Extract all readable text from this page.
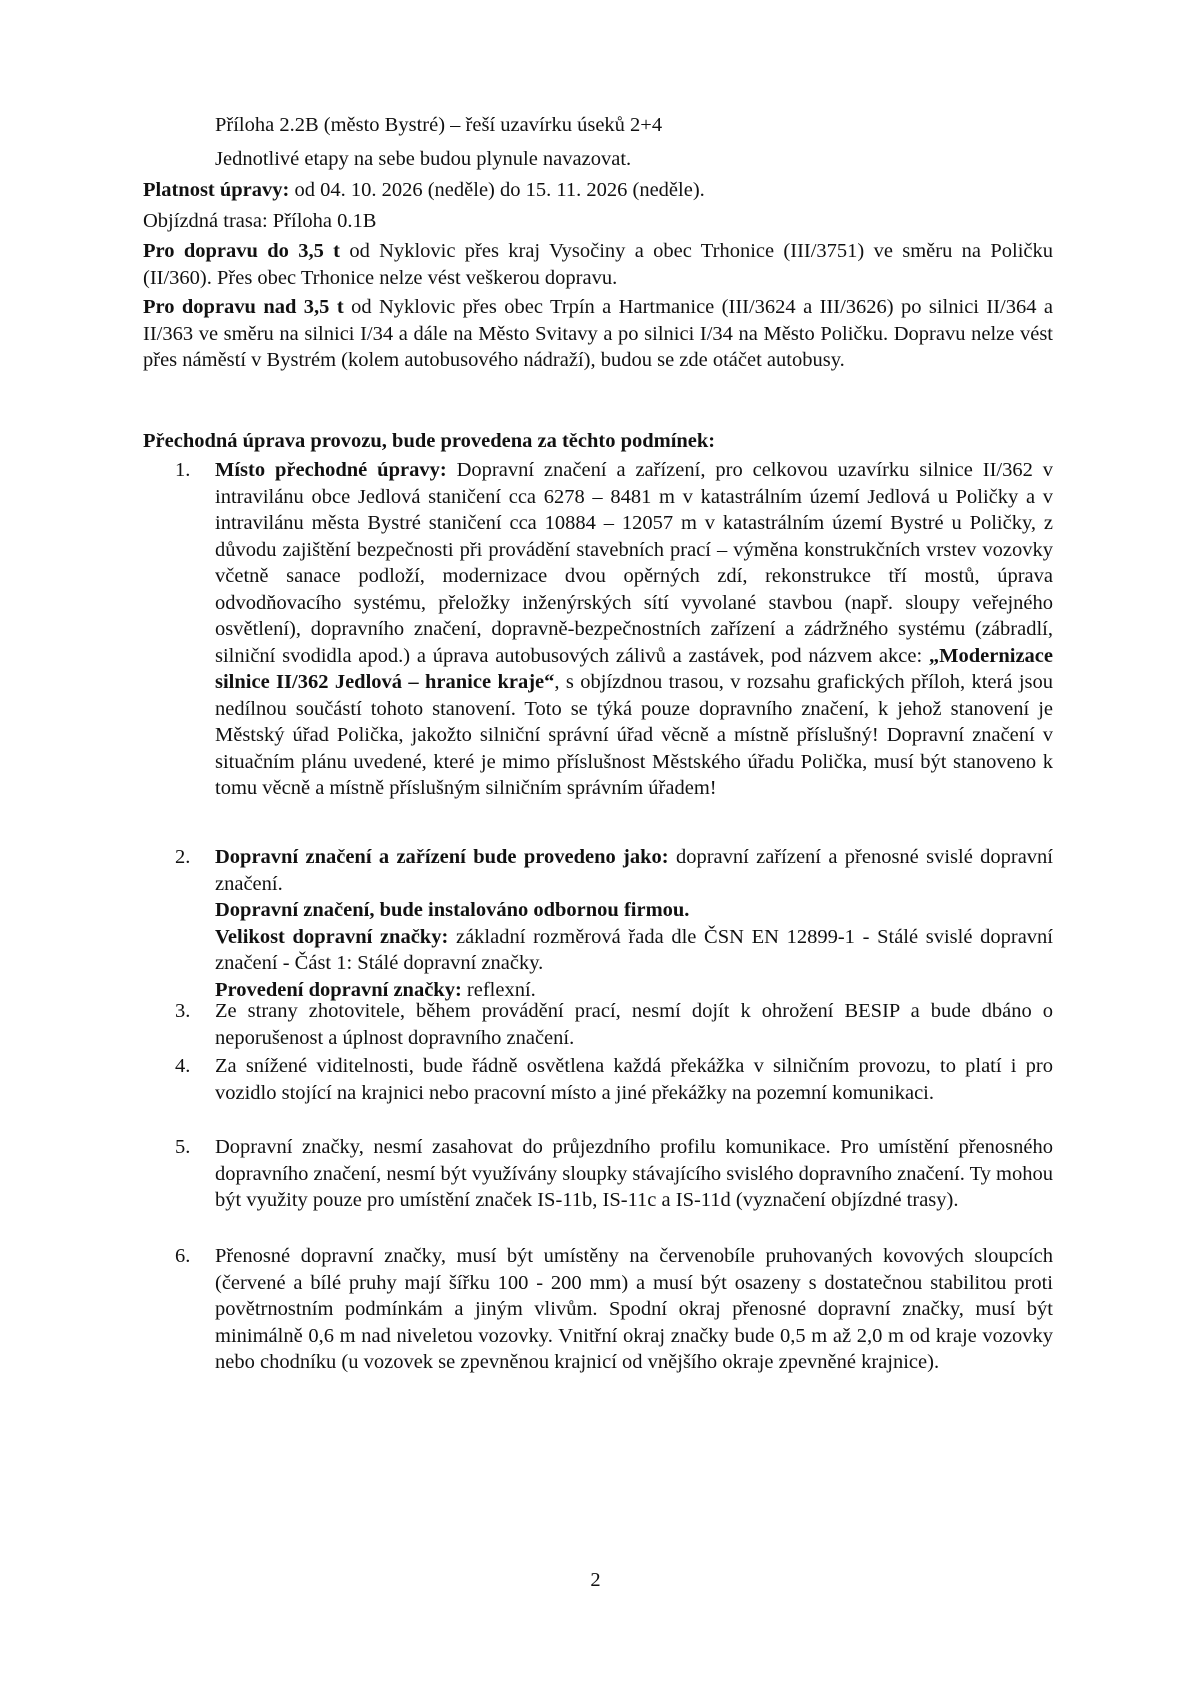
Příloha 2.2B (město Bystré) – řeší uzavírku úseků 2+4

Jednotlivé etapy na sebe budou plynule navazovat.

Platnost úpravy: od 04. 10. 2026 (neděle) do 15. 11. 2026 (neděle).

Objízdná trasa: Příloha 0.1B

Pro dopravu do 3,5 t od Nyklovic přes kraj Vysočiny a obec Trhonice (III/3751) ve směru na Poličku (II/360). Přes obec Trhonice nelze vést veškerou dopravu.

Pro dopravu nad 3,5 t od Nyklovic přes obec Trpín a Hartmanice (III/3624 a III/3626) po silnici II/364 a II/363 ve směru na silnici I/34 a dále na Město Svitavy a po silnici I/34 na Město Poličku. Dopravu nelze vést přes náměstí v Bystrém (kolem autobusového nádraží), budou se zde otáčet autobusy.

Přechodná úprava provozu, bude provedena za těchto podmínek:

1. Místo přechodné úpravy: Dopravní značení a zařízení, pro celkovou uzavírku silnice II/362 v intravilánu obce Jedlová staničení cca 6278 – 8481 m v katastrálním území Jedlová u Poličky a v intravilánu města Bystré staničení cca 10884 – 12057 m v katastrálním území Bystré u Poličky, z důvodu zajištění bezpečnosti při provádění stavebních prací – výměna konstrukčních vrstev vozovky včetně sanace podloží, modernizace dvou opěrných zdí, rekonstrukce tří mostů, úprava odvodňovacího systému, přeložky inženýrských sítí vyvolané stavbou (např. sloupy veřejného osvětlení), dopravního značení, dopravně-bezpečnostních zařízení a zádržného systému (zábradlí, silniční svodidla apod.) a úprava autobusových zálivů a zastávek, pod názvem akce: „Modernizace silnice II/362 Jedlová – hranice kraje“, s objízdnou trasou, v rozsahu grafických příloh, která jsou nedílnou součástí tohoto stanovení. Toto se týká pouze dopravního značení, k jehož stanovení je Městský úřad Polička, jakožto silniční správní úřad věcně a místně příslušný! Dopravní značení v situačním plánu uvedené, které je mimo příslušnost Městského úřadu Polička, musí být stanoveno k tomu věcně a místně příslušným silničním správním úřadem!
2. Dopravní značení a zařízení bude provedeno jako: dopravní zařízení a přenosné svislé dopravní značení.
Dopravní značení, bude instalováno odbornou firmou.
Velikost dopravní značky: základní rozměrová řada dle ČSN EN 12899-1 - Stálé svislé dopravní značení - Část 1: Stálé dopravní značky.
Provedení dopravní značky: reflexní.
3. Ze strany zhotovitele, během provádění prací, nesmí dojít k ohrožení BESIP a bude dbáno o neporušenost a úplnost dopravního značení.
4. Za snížené viditelnosti, bude řádně osvětlena každá překážka v silničním provozu, to platí i pro vozidlo stojící na krajnici nebo pracovní místo a jiné překážky na pozemní komunikaci.
5. Dopravní značky, nesmí zasahovat do průjezdního profilu komunikace. Pro umístění přenosného dopravního značení, nesmí být využívány sloupky stávajícího svislého dopravního značení. Ty mohou být využity pouze pro umístění značek IS-11b, IS-11c a IS-11d (vyznačení objízdné trasy).
6. Přenosné dopravní značky, musí být umístěny na červenobíle pruhovaných kovových sloupcích (červené a bílé pruhy mají šířku 100 - 200 mm) a musí být osazeny s dostatečnou stabilitou proti povětrnostním podmínkám a jiným vlivům. Spodní okraj přenosné dopravní značky, musí být minimálně 0,6 m nad niveletou vozovky. Vnitřní okraj značky bude 0,5 m až 2,0 m od kraje vozovky nebo chodníku (u vozovek se zpevněnou krajnicí od vnějšího okraje zpevněné krajnice).
2
